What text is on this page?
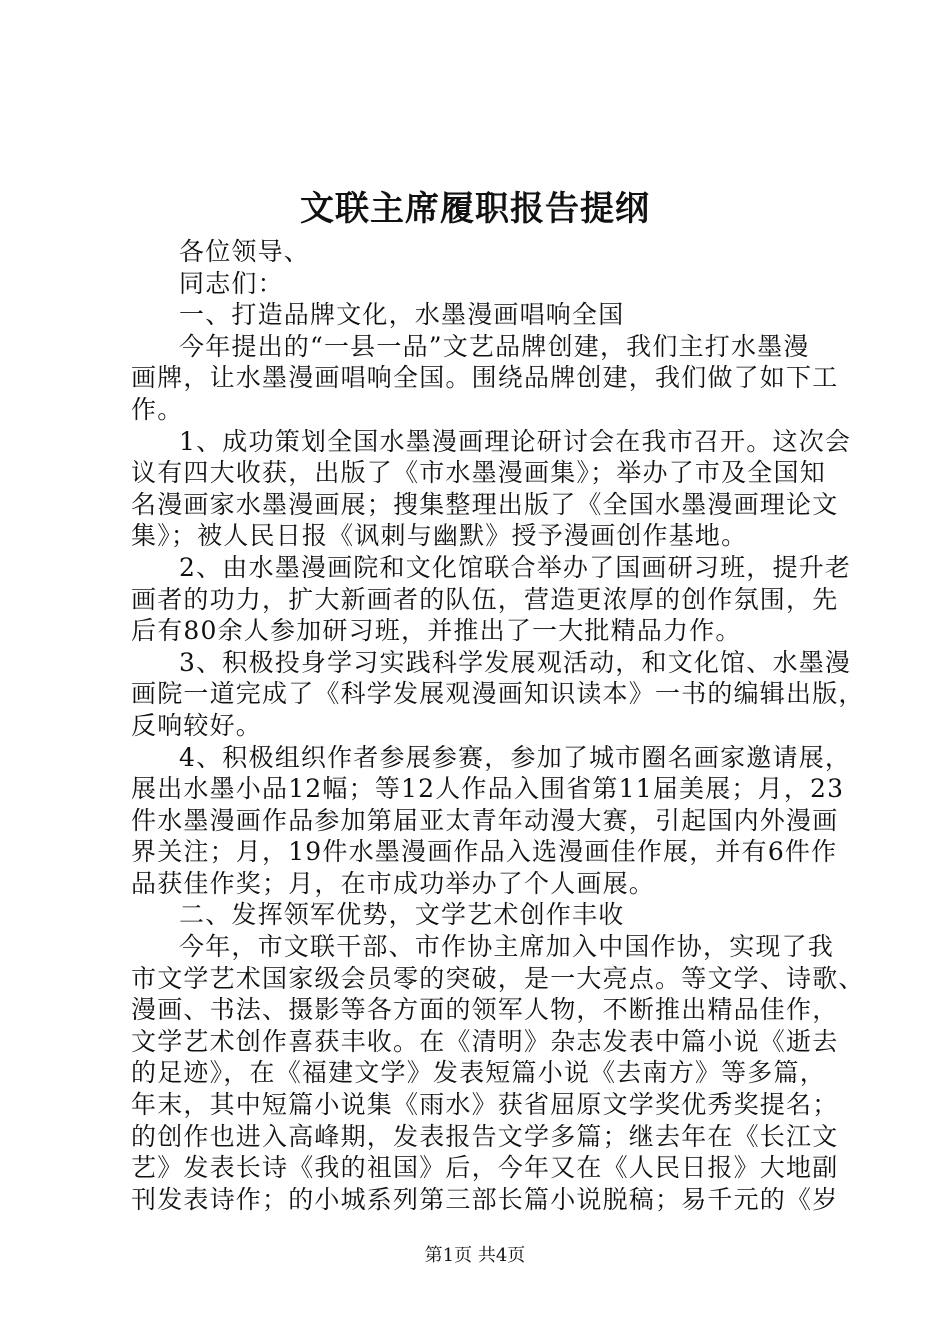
文联主席履职报告提纲
各位领导、
同志们：
一、打造品牌文化，水墨漫画唱响全国
今年提出的“一县一品”文艺品牌创建，我们主打水墨漫
画牌，让水墨漫画唱响全国。围绕品牌创建，我们做了如下工
作。
1、成功策划全国水墨漫画理论研讨会在我市召开。这次会
议有四大收获，出版了《市水墨漫画集》；举办了市及全国知
名漫画家水墨漫画展；搜集整理出版了《全国水墨漫画理论文
集》；被人民日报《讽刺与幽默》授予漫画创作基地。
2、由水墨漫画院和文化馆联合举办了国画研习班，提升老
画者的功力，扩大新画者的队伍，营造更浓厚的创作氛围，先
后有80余人参加研习班，并推出了一大批精品力作。
3、积极投身学习实践科学发展观活动，和文化馆、水墨漫
画院一道完成了《科学发展观漫画知识读本》一书的编辑出版，
反响较好。
4、积极组织作者参展参赛，参加了城市圈名画家邀请展，
展出水墨小品12幅；等12人作品入围省第11届美展；月，23
件水墨漫画作品参加第届亚太青年动漫大赛，引起国内外漫画
界关注；月，19件水墨漫画作品入选漫画佳作展，并有6件作
品获佳作奖；月，在市成功举办了个人画展。
二、发挥领军优势，文学艺术创作丰收
今年，市文联干部、市作协主席加入中国作协，实现了我
市文学艺术国家级会员零的突破，是一大亮点。等文学、诗歌、
漫画、书法、摄影等各方面的领军人物，不断推出精品佳作，
文学艺术创作喜获丰收。在《清明》杂志发表中篇小说《逝去
的足迹》，在《福建文学》发表短篇小说《去南方》等多篇，
年末，其中短篇小说集《雨水》获省屈原文学奖优秀奖提名；
的创作也进入高峰期，发表报告文学多篇；继去年在《长江文
艺》发表长诗《我的祖国》后，今年又在《人民日报》大地副
刊发表诗作；的小城系列第三部长篇小说脱稿；易千元的《岁
第1页 共4页
